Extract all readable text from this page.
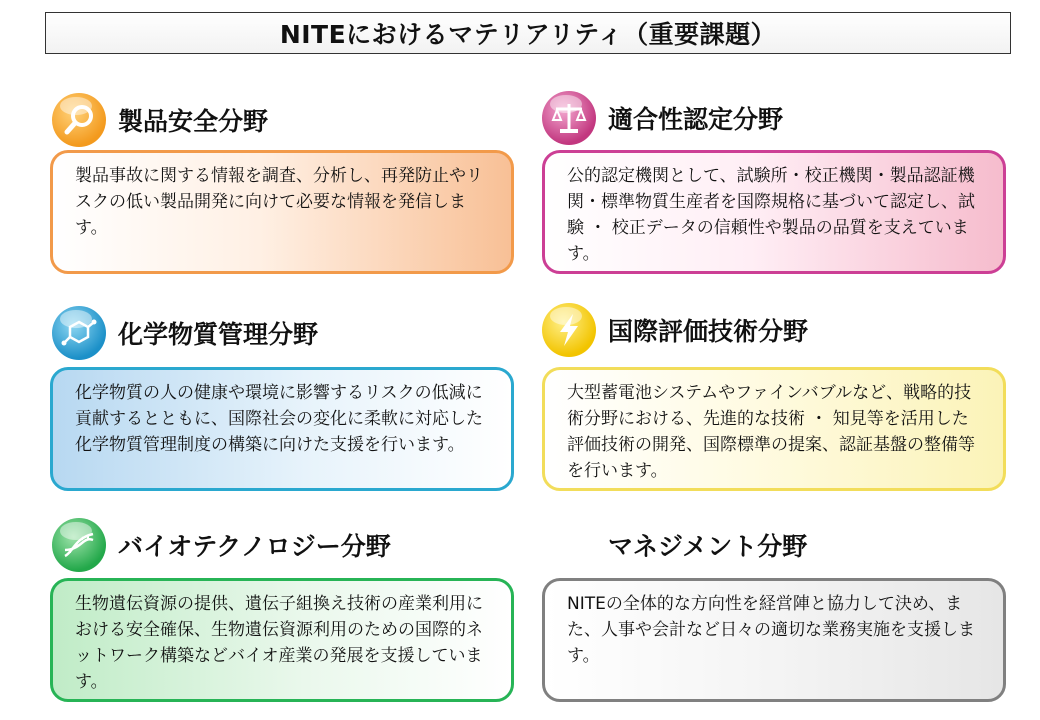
NITEにおけるマテリアリティ（重要課題）
製品安全分野
製品事故に関する情報を調査、分析し、再発防止やリスクの低い製品開発に向けて必要な情報を発信します。
適合性認定分野
公的認定機関として、試験所・校正機関・製品認証機関・標準物質生産者を国際規格に基づいて認定し、試験 ・ 校正データの信頼性や製品の品質を支えています。
化学物質管理分野
化学物質の人の健康や環境に影響するリスクの低減に貢献するとともに、国際社会の変化に柔軟に対応した化学物質管理制度の構築に向けた支援を行います。
国際評価技術分野
大型蓄電池システムやファインバブルなど、戦略的技術分野における、先進的な技術 ・ 知見等を活用した評価技術の開発、国際標準の提案、認証基盤の整備等を行います。
バイオテクノロジー分野
生物遺伝資源の提供、遺伝子組換え技術の産業利用における安全確保、生物遺伝資源利用のための国際的ネットワーク構築などバイオ産業の発展を支援しています。
マネジメント分野
NITEの全体的な方向性を経営陣と協力して決め、また、人事や会計など日々の適切な業務実施を支援します。
